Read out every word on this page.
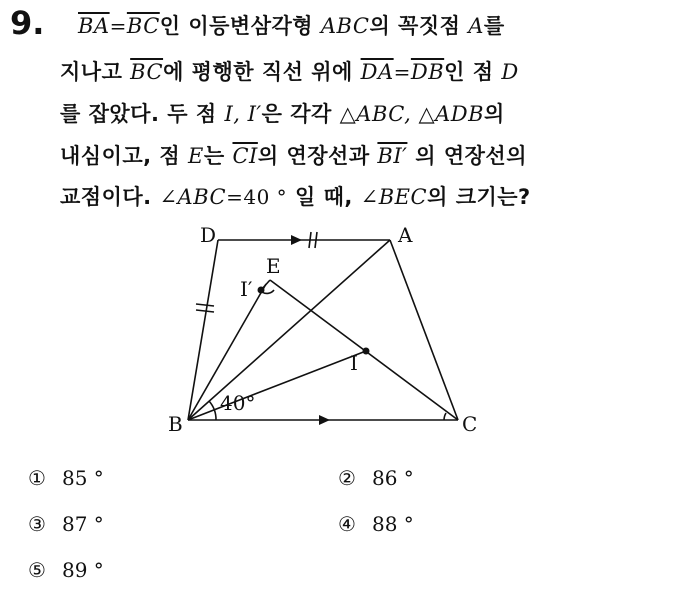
9. $\overline{BA}=\overline{BC}$인 이등변삼각형 ABC의 꼭짓점 A를
지나고 $\overline{BC}$에 평행한 직선 위에 $\overline{DA}=\overline{DB}$인 점 D
를 잡았다. 두 점 I, I′은 각각 △ABC, △ADB의
내심이고, 점 E는 $\overline{CI}$의 연장선과 BI′ 의 연장선의
교점이다. ∠ABC=40 ° 일 때, ∠BEC의 크기는?
D	A
E
I′
I
B	C
40°
① 85 °	② 86 °
③ 87 °	④ 88 °
⑤ 89 °
